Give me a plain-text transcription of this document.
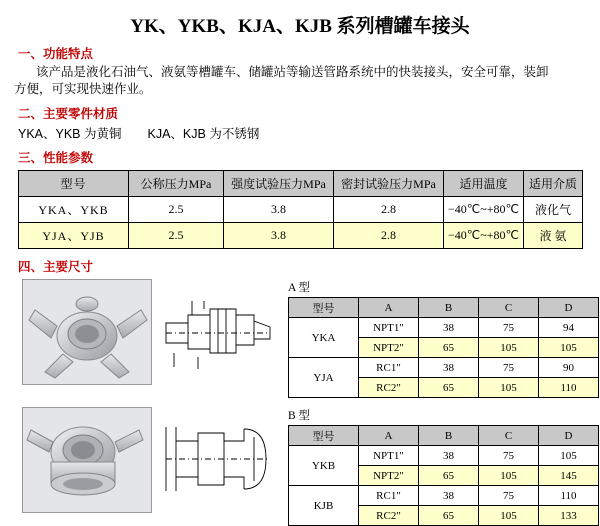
YK、YKB、KJA、KJB 系列槽罐车接头
一、功能特点
该产品是液化石油气、液氨等槽罐车、储罐站等输送管路系统中的快装接头，安全可靠，装卸
方便，可实现快速作业。
二、主要零件材质
YKA、YKB 为黄铜 KJA、KJB 为不锈钢
三、性能参数
型号	公称压力MPa	强度试验压力MPa	密封试验压力MPa	适用温度	适用介质
YKA、YKB	2.5	3.8	2.8	−40℃~+80℃	液化气
YJA、YJB	2.5	3.8	2.8	−40℃~+80℃	液 氨
四、主要尺寸
A 型
型号	A	B	C	D
YKA	NPT1"	38	75	94
	NPT2"	65	105	105
YJA	RC1"	38	75	90
	RC2"	65	105	110
B 型
型号	A	B	C	D
YKB	NPT1"	38	75	105
	NPT2"	65	105	145
KJB	RC1"	38	75	110
	RC2"	65	105	133
